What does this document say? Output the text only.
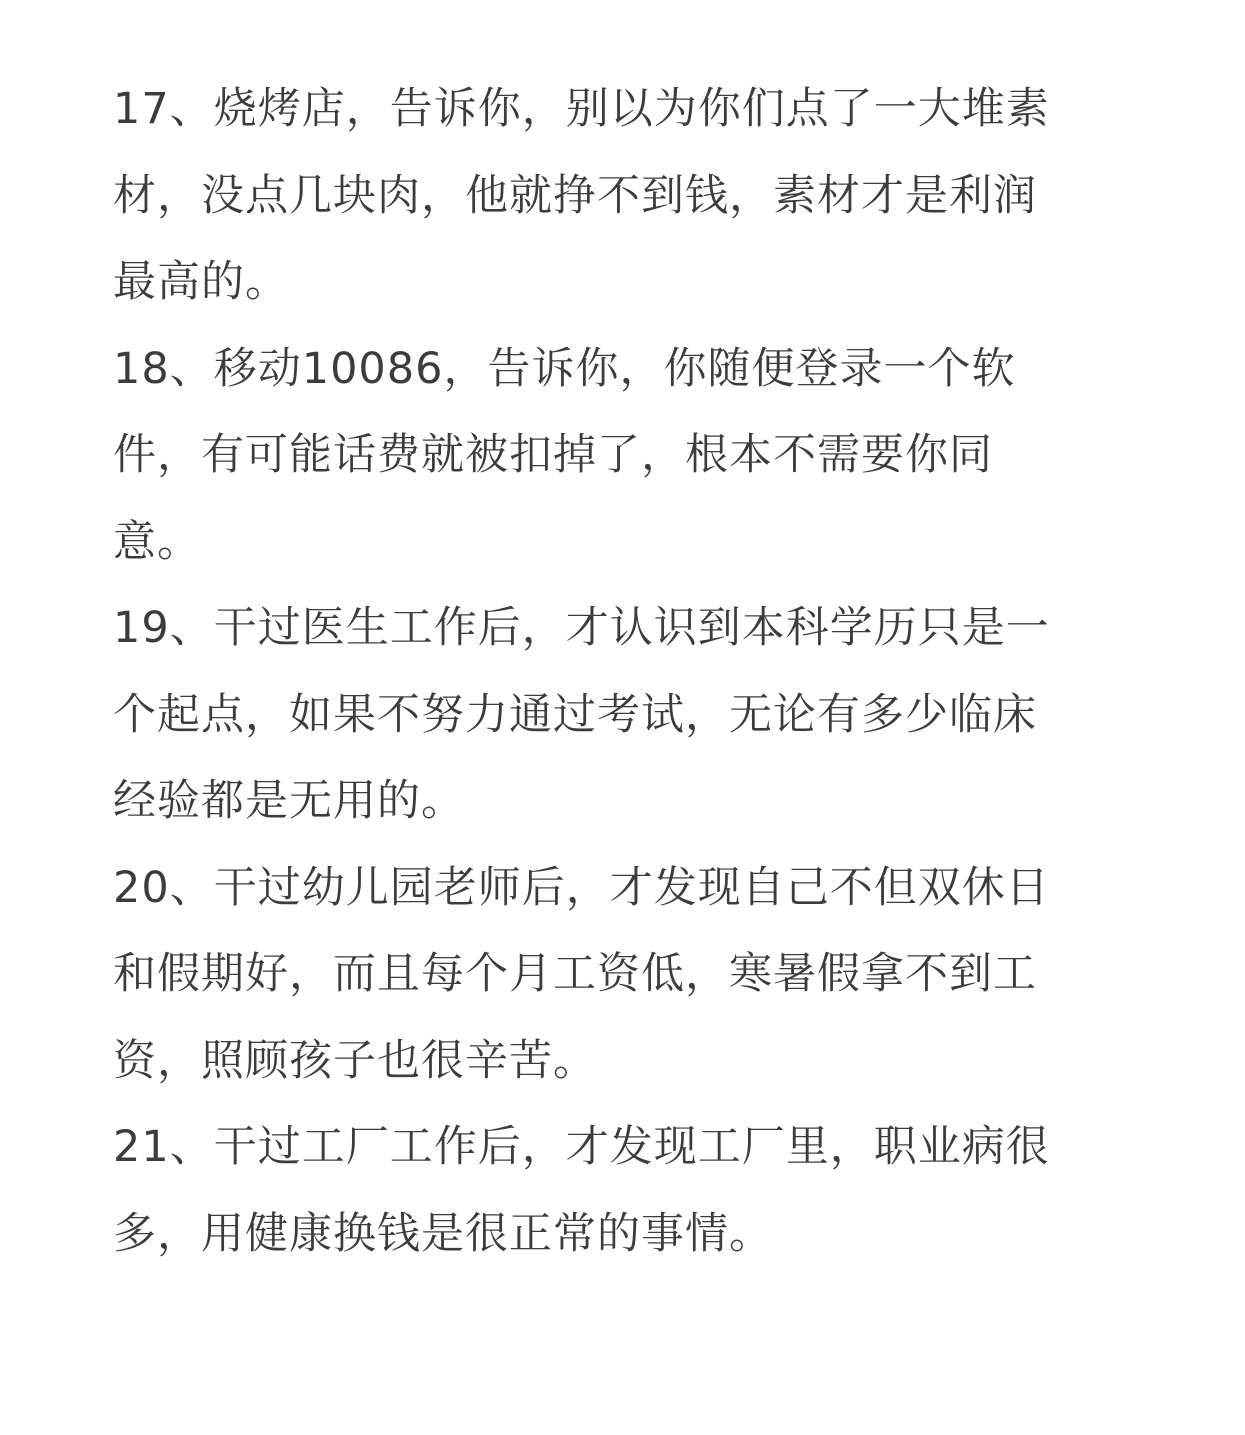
17、烧烤店，告诉你，别以为你们点了一大堆素
材，没点几块肉，他就挣不到钱，素材才是利润
最高的。

18、移动10086，告诉你，你随便登录一个软
件，有可能话费就被扣掉了，根本不需要你同
意。

19、干过医生工作后，才认识到本科学历只是一
个起点，如果不努力通过考试，无论有多少临床
经验都是无用的。

20、干过幼儿园老师后，才发现自己不但双休日
和假期好，而且每个月工资低，寒暑假拿不到工
资，照顾孩子也很辛苦。

21、干过工厂工作后，才发现工厂里，职业病很
多，用健康换钱是很正常的事情。
